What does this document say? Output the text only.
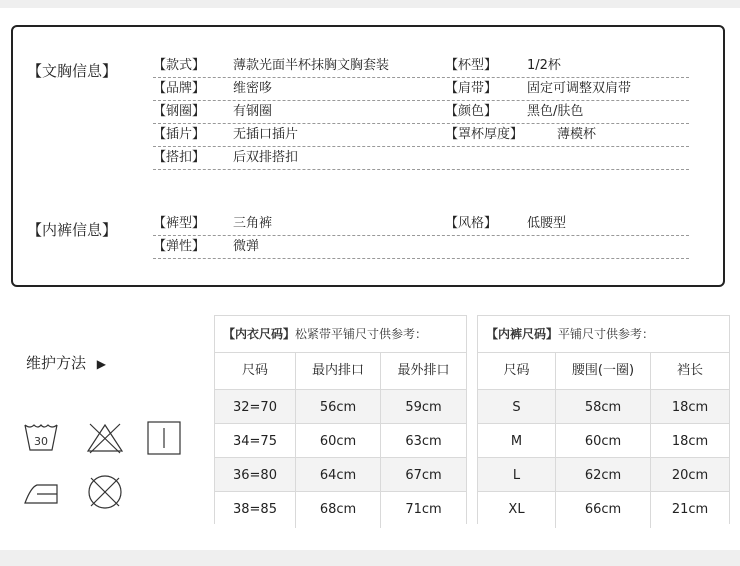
【文胸信息】	【款式】 薄款光面半杯抹胸文胸套装	【杯型】 1/2杯
【品牌】 维密哆	【肩带】 固定可调整双肩带
【钢圈】 有钢圈	【颜色】 黑色/肤色
【插片】 无插口插片	【罩杯厚度】	薄模杯
【搭扣】 后双排搭扣
【内裤信息】	【裤型】 三角裤	【风格】 低腰型
【弹性】 微弹
维护方法 ▶
30
【内衣尺码】松紧带平铺尺寸供参考：
尺码	最内排口	最外排口
32=70	56cm	59cm
34=75	60cm	63cm
36=80	64cm	67cm
38=85	68cm	71cm
【内裤尺码】平铺尺寸供参考：
尺码	腰围(一圈)	裆长
S	58cm	18cm
M	60cm	18cm
L	62cm	20cm
XL	66cm	21cm
